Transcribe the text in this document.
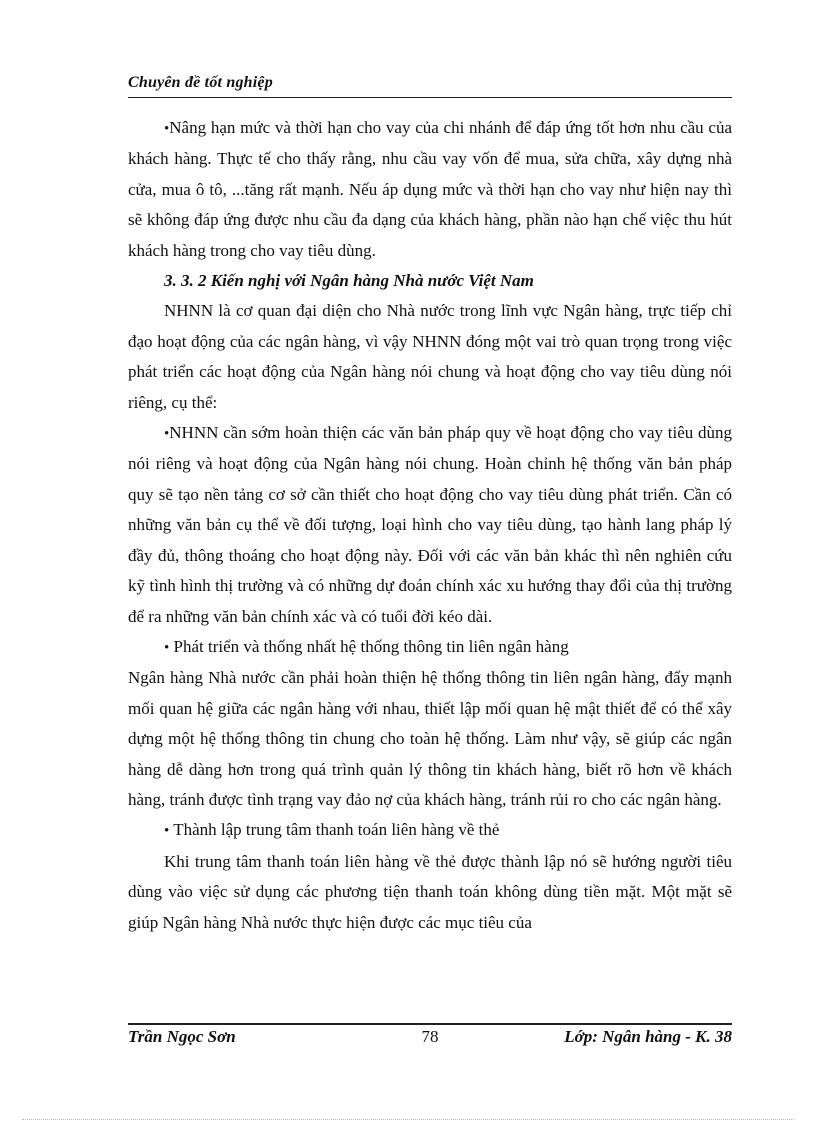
Chuyên đề tốt nghiệp

•Nâng hạn mức và thời hạn cho vay của chi nhánh để đáp ứng tốt hơn nhu cầu của khách hàng. Thực tế cho thấy rằng, nhu cầu vay vốn để mua, sửa chữa, xây dựng nhà cửa, mua ô tô, ...tăng rất mạnh. Nếu áp dụng mức và thời hạn cho vay như hiện nay thì sẽ không đáp ứng được nhu cầu đa dạng của khách hàng, phần nào hạn chế việc thu hút khách hàng trong cho vay tiêu dùng.

3. 3. 2 Kiến nghị với Ngân hàng Nhà nước Việt Nam

NHNN là cơ quan đại diện cho Nhà nước trong lĩnh vực Ngân hàng, trực tiếp chỉ đạo hoạt động của các ngân hàng, vì vậy NHNN đóng một vai trò quan trọng trong việc phát triển các hoạt động của Ngân hàng nói chung và hoạt động cho vay tiêu dùng nói riêng, cụ thể:

•NHNN cần sớm hoàn thiện các văn bản pháp quy về hoạt động cho vay tiêu dùng nói riêng và hoạt động của Ngân hàng nói chung. Hoàn chỉnh hệ thống văn bản pháp quy sẽ tạo nền tảng cơ sở cần thiết cho hoạt động cho vay tiêu dùng phát triển. Cần có những văn bản cụ thể về đối tượng, loại hình cho vay tiêu dùng, tạo hành lang pháp lý đầy đủ, thông thoáng cho hoạt động này. Đối với các văn bản khác thì nên nghiên cứu kỹ tình hình thị trường và có những dự đoán chính xác xu hướng thay đổi của thị trường để ra những văn bản chính xác và có tuổi đời kéo dài.

• Phát triển và thống nhất hệ thống thông tin liên ngân hàng

Ngân hàng Nhà nước cần phải hoàn thiện hệ thống thông tin liên ngân hàng, đẩy mạnh mối quan hệ giữa các ngân hàng với nhau, thiết lập mối quan hệ mật thiết để có thể xây dựng một hệ thống thông tin chung cho toàn hệ thống. Làm như vậy, sẽ giúp các ngân hàng dễ dàng hơn trong quá trình quản lý thông tin khách hàng, biết rõ hơn về khách hàng, tránh được tình trạng vay đảo nợ của khách hàng, tránh rủi ro cho các ngân hàng.

• Thành lập trung tâm thanh toán liên hàng về thẻ

Khi trung tâm thanh toán liên hàng về thẻ được thành lập nó sẽ hướng người tiêu dùng vào việc sử dụng các phương tiện thanh toán không dùng tiền mặt. Một mặt sẽ giúp Ngân hàng Nhà nước thực hiện được các mục tiêu của

Trần Ngọc Sơn	78	Lớp: Ngân hàng - K. 38
